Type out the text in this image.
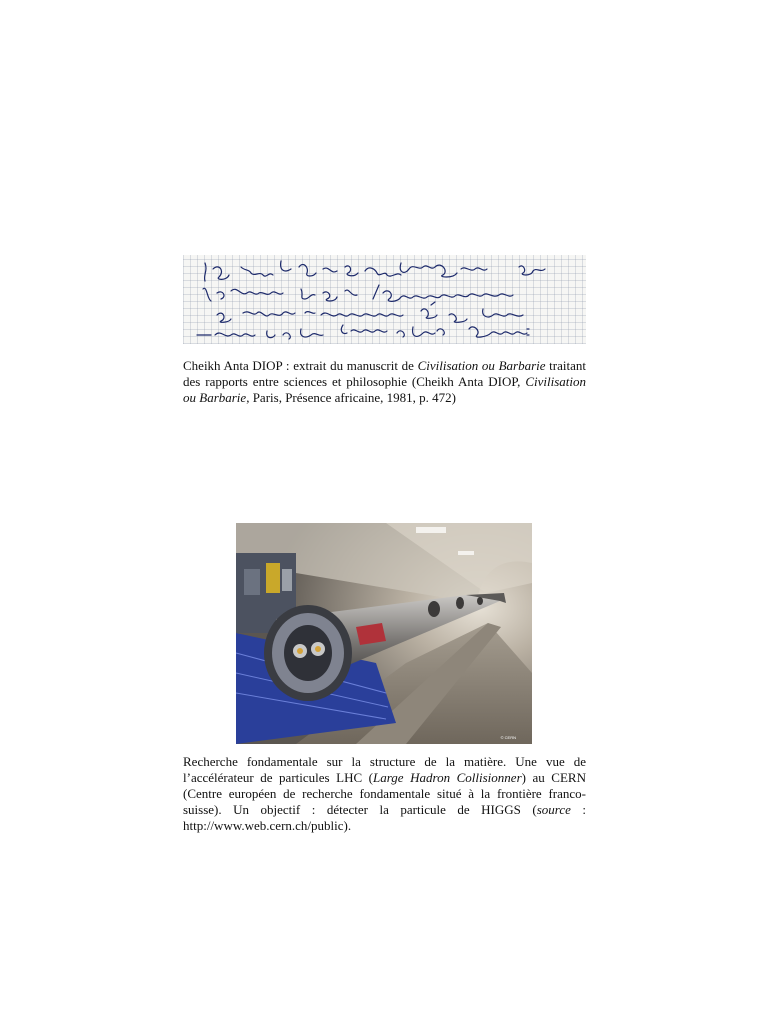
Cheikh Anta DIOP : extrait du manuscrit de Civilisation ou Barbarie traitant des rapports entre sciences et philosophie (Cheikh Anta DIOP, Civilisation ou Barbarie, Paris, Présence africaine, 1981, p. 472)

© CERN
Recherche fondamentale sur la structure de la matière. Une vue de
l’accélérateur de particules LHC (Large Hadron Collisionner) au CERN
(Centre européen de recherche fondamentale situé à la frontière franco-
suisse). Un objectif : détecter la particule de HIGGS (source :
http://www.web.cern.ch/public).
